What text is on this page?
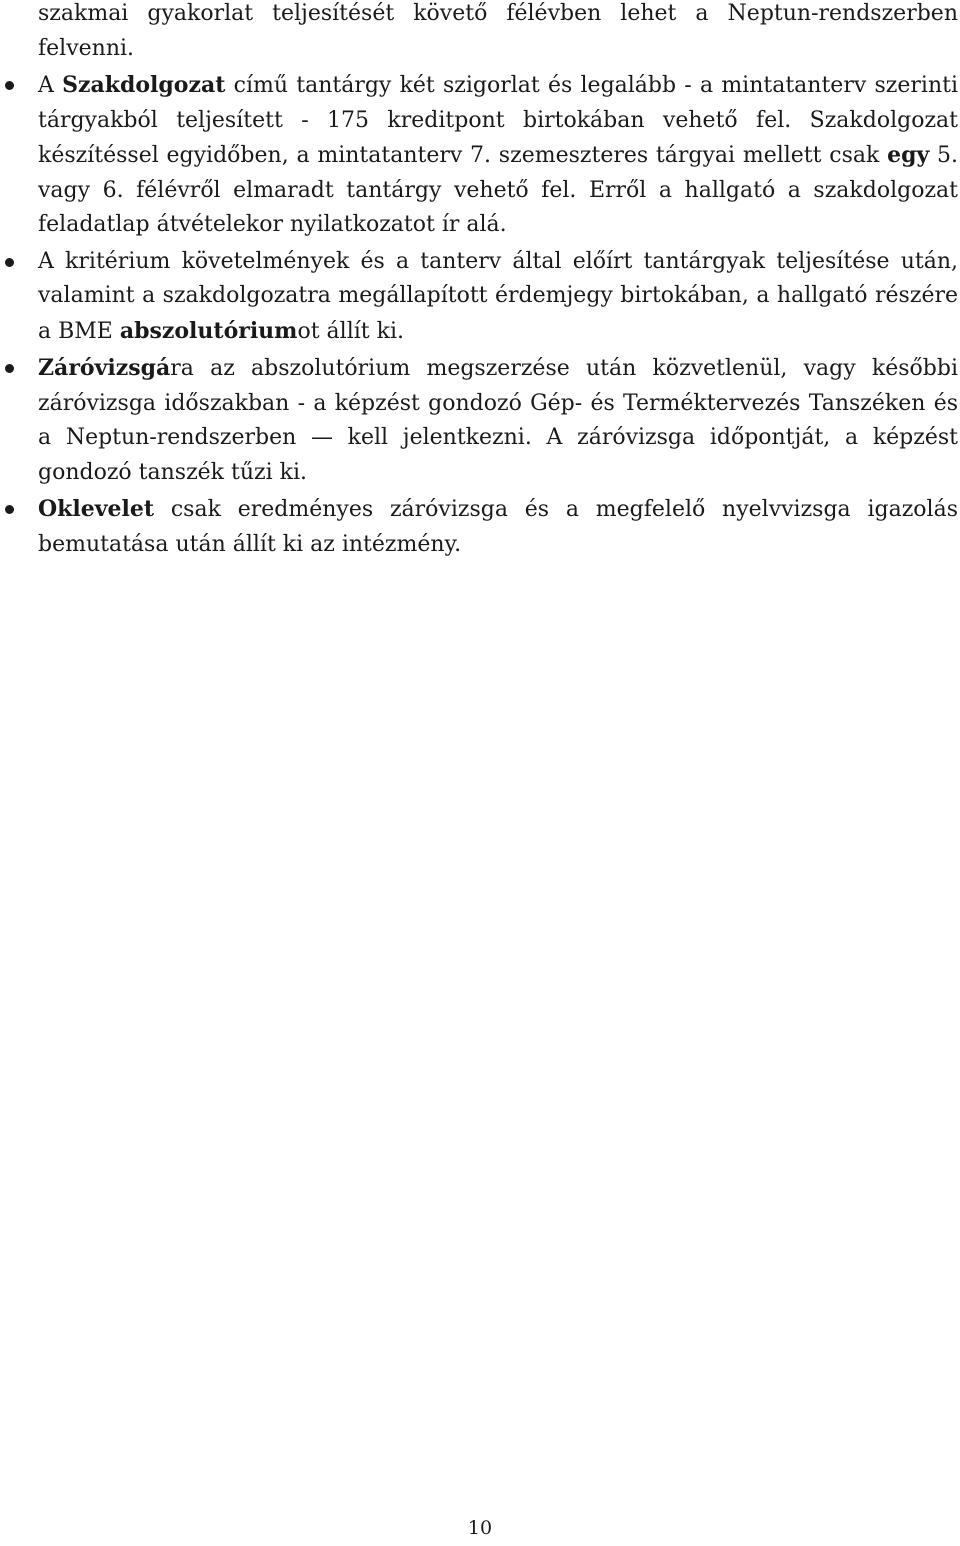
szakmai gyakorlat teljesítését követő félévben lehet a Neptun-rendszerben felvenni.

A Szakdolgozat című tantárgy két szigorlat és legalább - a mintatanterv szerinti tárgyakból teljesített - 175 kreditpont birtokában vehető fel. Szakdolgozat készítéssel egyidőben, a mintatanterv 7. szemeszteres tárgyai mellett csak egy 5. vagy 6. félévről elmaradt tantárgy vehető fel. Erről a hallgató a szakdolgozat feladatlap átvételekor nyilatkozatot ír alá.

A kritérium követelmények és a tanterv által előírt tantárgyak teljesítése után, valamint a szakdolgozatra megállapított érdemjegy birtokában, a hallgató részére a BME abszolutóriumot állít ki.

Záróvizsgára az abszolutórium megszerzése után közvetlenül, vagy későbbi záróvizsga időszakban - a képzést gondozó Gép- és Terméktervezés Tanszéken és a Neptun-rendszerben — kell jelentkezni. A záróvizsga időpontját, a képzést gondozó tanszék tűzi ki.

Oklevelet csak eredményes záróvizsga és a megfelelő nyelvvizsga igazolás bemutatása után állít ki az intézmény.

10
